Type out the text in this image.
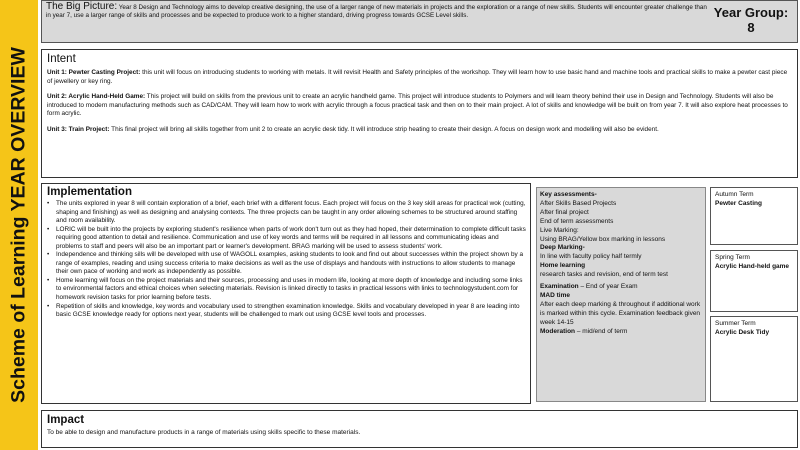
Scheme of Learning YEAR OVERVIEW
The Big Picture: Year 8 Design and Technology aims to develop creative designing, the use of a larger range of new materials in projects and the exploration or a range of new skills. Students will encounter greater challenge than in year 7, use a larger range of skills and processes and be expected to produce work to a higher standard, driving progress towards GCSE Level skills.	Year Group:
8
Intent

Unit 1: Pewter Casting Project: this unit will focus on introducing students to working with metals. It will revisit Health and Safety principles of the workshop. They will learn how to use basic hand and machine tools and practical skills to make a pewter cast piece of jewellery or key ring.

Unit 2: Acrylic Hand-Held Game: This project will build on skills from the previous unit to create an acrylic handheld game. This project will introduce students to Polymers and will learn theory behind their use in Design and Technology. Students will also be introduced to modern manufacturing methods such as CAD/CAM. They will learn how to work with acrylic through a focus practical task and then on to their main project. A lot of skills and knowledge will be built on from year 7. It will also explore heat processes to form acrylic.

Unit 3: Train Project: This final project will bring all skills together from unit 2 to create an acrylic desk tidy. It will introduce strip heating to create their design. A focus on design work and modelling will also be evident.

Implementation
• The units explored in year 8 will contain exploration of a brief, each brief with a different focus. Each project will focus on the 3 key skill areas for practical wok (cutting, shaping and finishing) as well as designing and analysing contexts. The three projects can be taught in any order allowing schemes to be structured around staffing and room availability.
• LORIC will be built into the projects by exploring student's resilience when parts of work don't turn out as they had hoped, their determination to complete difficult tasks requiring good attention to detail and resilience. Communication and use of key words and terms will be required in all lessons and communicating ideas and problems to staff and peers will also be an important part or learner's development. BRAG marking will be used to assess students' work.
• Independence and thinking sills will be developed with use of WAGOLL examples, asking students to look and find out about successes within the project shown by a range of examples, reading and using success criteria to make decisions as well as the use of displays and handouts with instructions to allow students to manage their own pace of working and work as independently as possible.
• Home learning will focus on the project materials and their sources, processing and uses in modern life, looking at more depth of knowledge and including some links to environmental factors and ethical choices when selecting materials. Revision is linked directly to tasks in practical lessons with links to technologystudent.com for homework revision tasks for prior learning before tests.
• Repetition of skills and knowledge, key words and vocabulary used to strengthen examination knowledge. Skills and vocabulary developed in year 8 are leading into basic GCSE knowledge ready for options next year, students will be challenged to mark out using GCSE level tools and processes.
Key assessments-
After Skills Based Projects
After final project
End of term assessments
Live Marking:
Using BRAG/Yellow box marking in lessons
Deep Marking-
In line with faculty policy half termly
Home learning
research tasks and revision, end of term test
Examination – End of year Exam
MAD time
After each deep marking & throughout if additional work is marked within this cycle. Examination feedback given week 14-15
Moderation – mid/end of term
Autumn Term
Pewter Casting
Spring Term
Acrylic Hand-held game
Summer Term
Acrylic Desk Tidy
Impact
To be able to design and manufacture products in a range of materials using skills specific to these materials.
